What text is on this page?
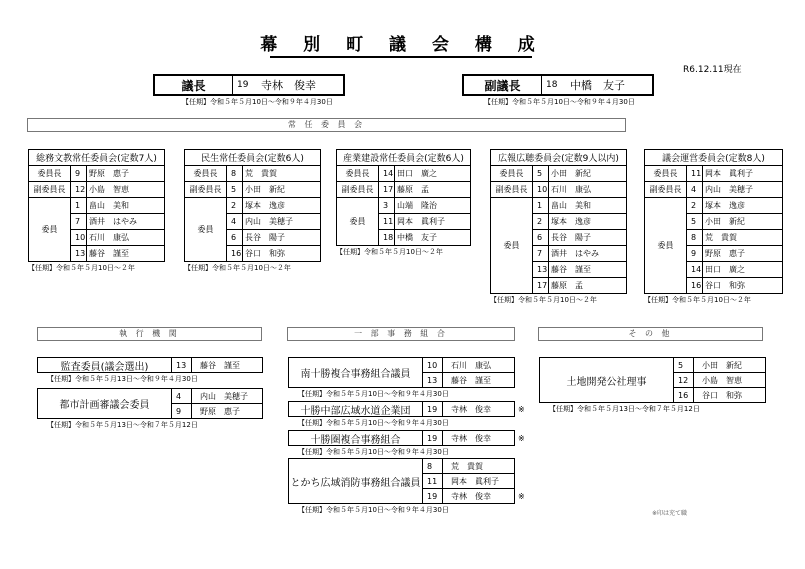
幕 別 町 議 会 構 成
R6.12.11現在
議長	19	寺林　俊幸
【任期】令和５年５月10日～令和９年４月30日
副議長	18	中橋　友子
【任期】令和５年５月10日～令和９年４月30日
常 任 委 員 会
総務文教常任委員会(定数7人)		
委員長	9	野原　惠子
副委員長	12	小島　智恵
委員	1	畠山　美和
	7	酒井　はやみ
	10	石川　康弘
	13	藤谷　謹至
【任期】令和５年５月10日～２年
民生常任委員会(定数6人)		
委員長	8	荒　貴賀
副委員長	5	小田　新紀
委員	2	塚本　逸彦
	4	内山　美穂子
	6	長谷　陽子
	16	谷口　和弥
【任期】令和５年５月10日～２年
産業建設常任委員会(定数6人)		
委員長	14	田口　廣之
副委員長	17	藤原　孟
委員	3	山端　隆治
	11	岡本　眞利子
	18	中橋　友子
【任期】令和５年５月10日～２年
広報広聴委員会(定数9人以内)		
委員長	5	小田　新紀
副委員長	10	石川　康弘
委員	1	畠山　美和
	2	塚本　逸彦
	6	長谷　陽子
	7	酒井　はやみ
	13	藤谷　謹至
	17	藤原　孟
【任期】令和５年５月10日～２年
議会運営委員会(定数8人)		
委員長	11	岡本　眞利子
副委員長	4	内山　美穂子
委員	2	塚本　逸彦
	5	小田　新紀
	8	荒　貴賀
	9	野原　惠子
	14	田口　廣之
	16	谷口　和弥
【任期】令和５年５月10日～２年
執 行 機 関	一 部 事 務 組 合	そ の 他
監査委員(議会選出)	13	藤谷　謹至
【任期】令和５年５月13日～令和９年４月30日
都市計画審議会委員
4	内山　美穂子
9	野原　惠子
【任期】令和５年５月13日～令和７年５月12日
南十勝複合事務組合議員
10	石川　康弘
13	藤谷　謹至
【任期】令和５年５月10日～令和９年４月30日
十勝中部広域水道企業団	19	寺林　俊幸	※
【任期】令和５年５月10日～令和９年４月30日
十勝圏複合事務組合	19	寺林　俊幸	※
【任期】令和５年５月10日～令和９年４月30日
とかち広域消防事務組合議員
8	荒　貴賀
11	岡本　眞利子
19	寺林　俊幸	※
【任期】令和５年５月10日～令和９年４月30日
土地開発公社理事
5	小田　新紀
12	小島　智恵
16	谷口　和弥
【任期】令和５年５月13日～令和７年５月12日
※印は充て職
